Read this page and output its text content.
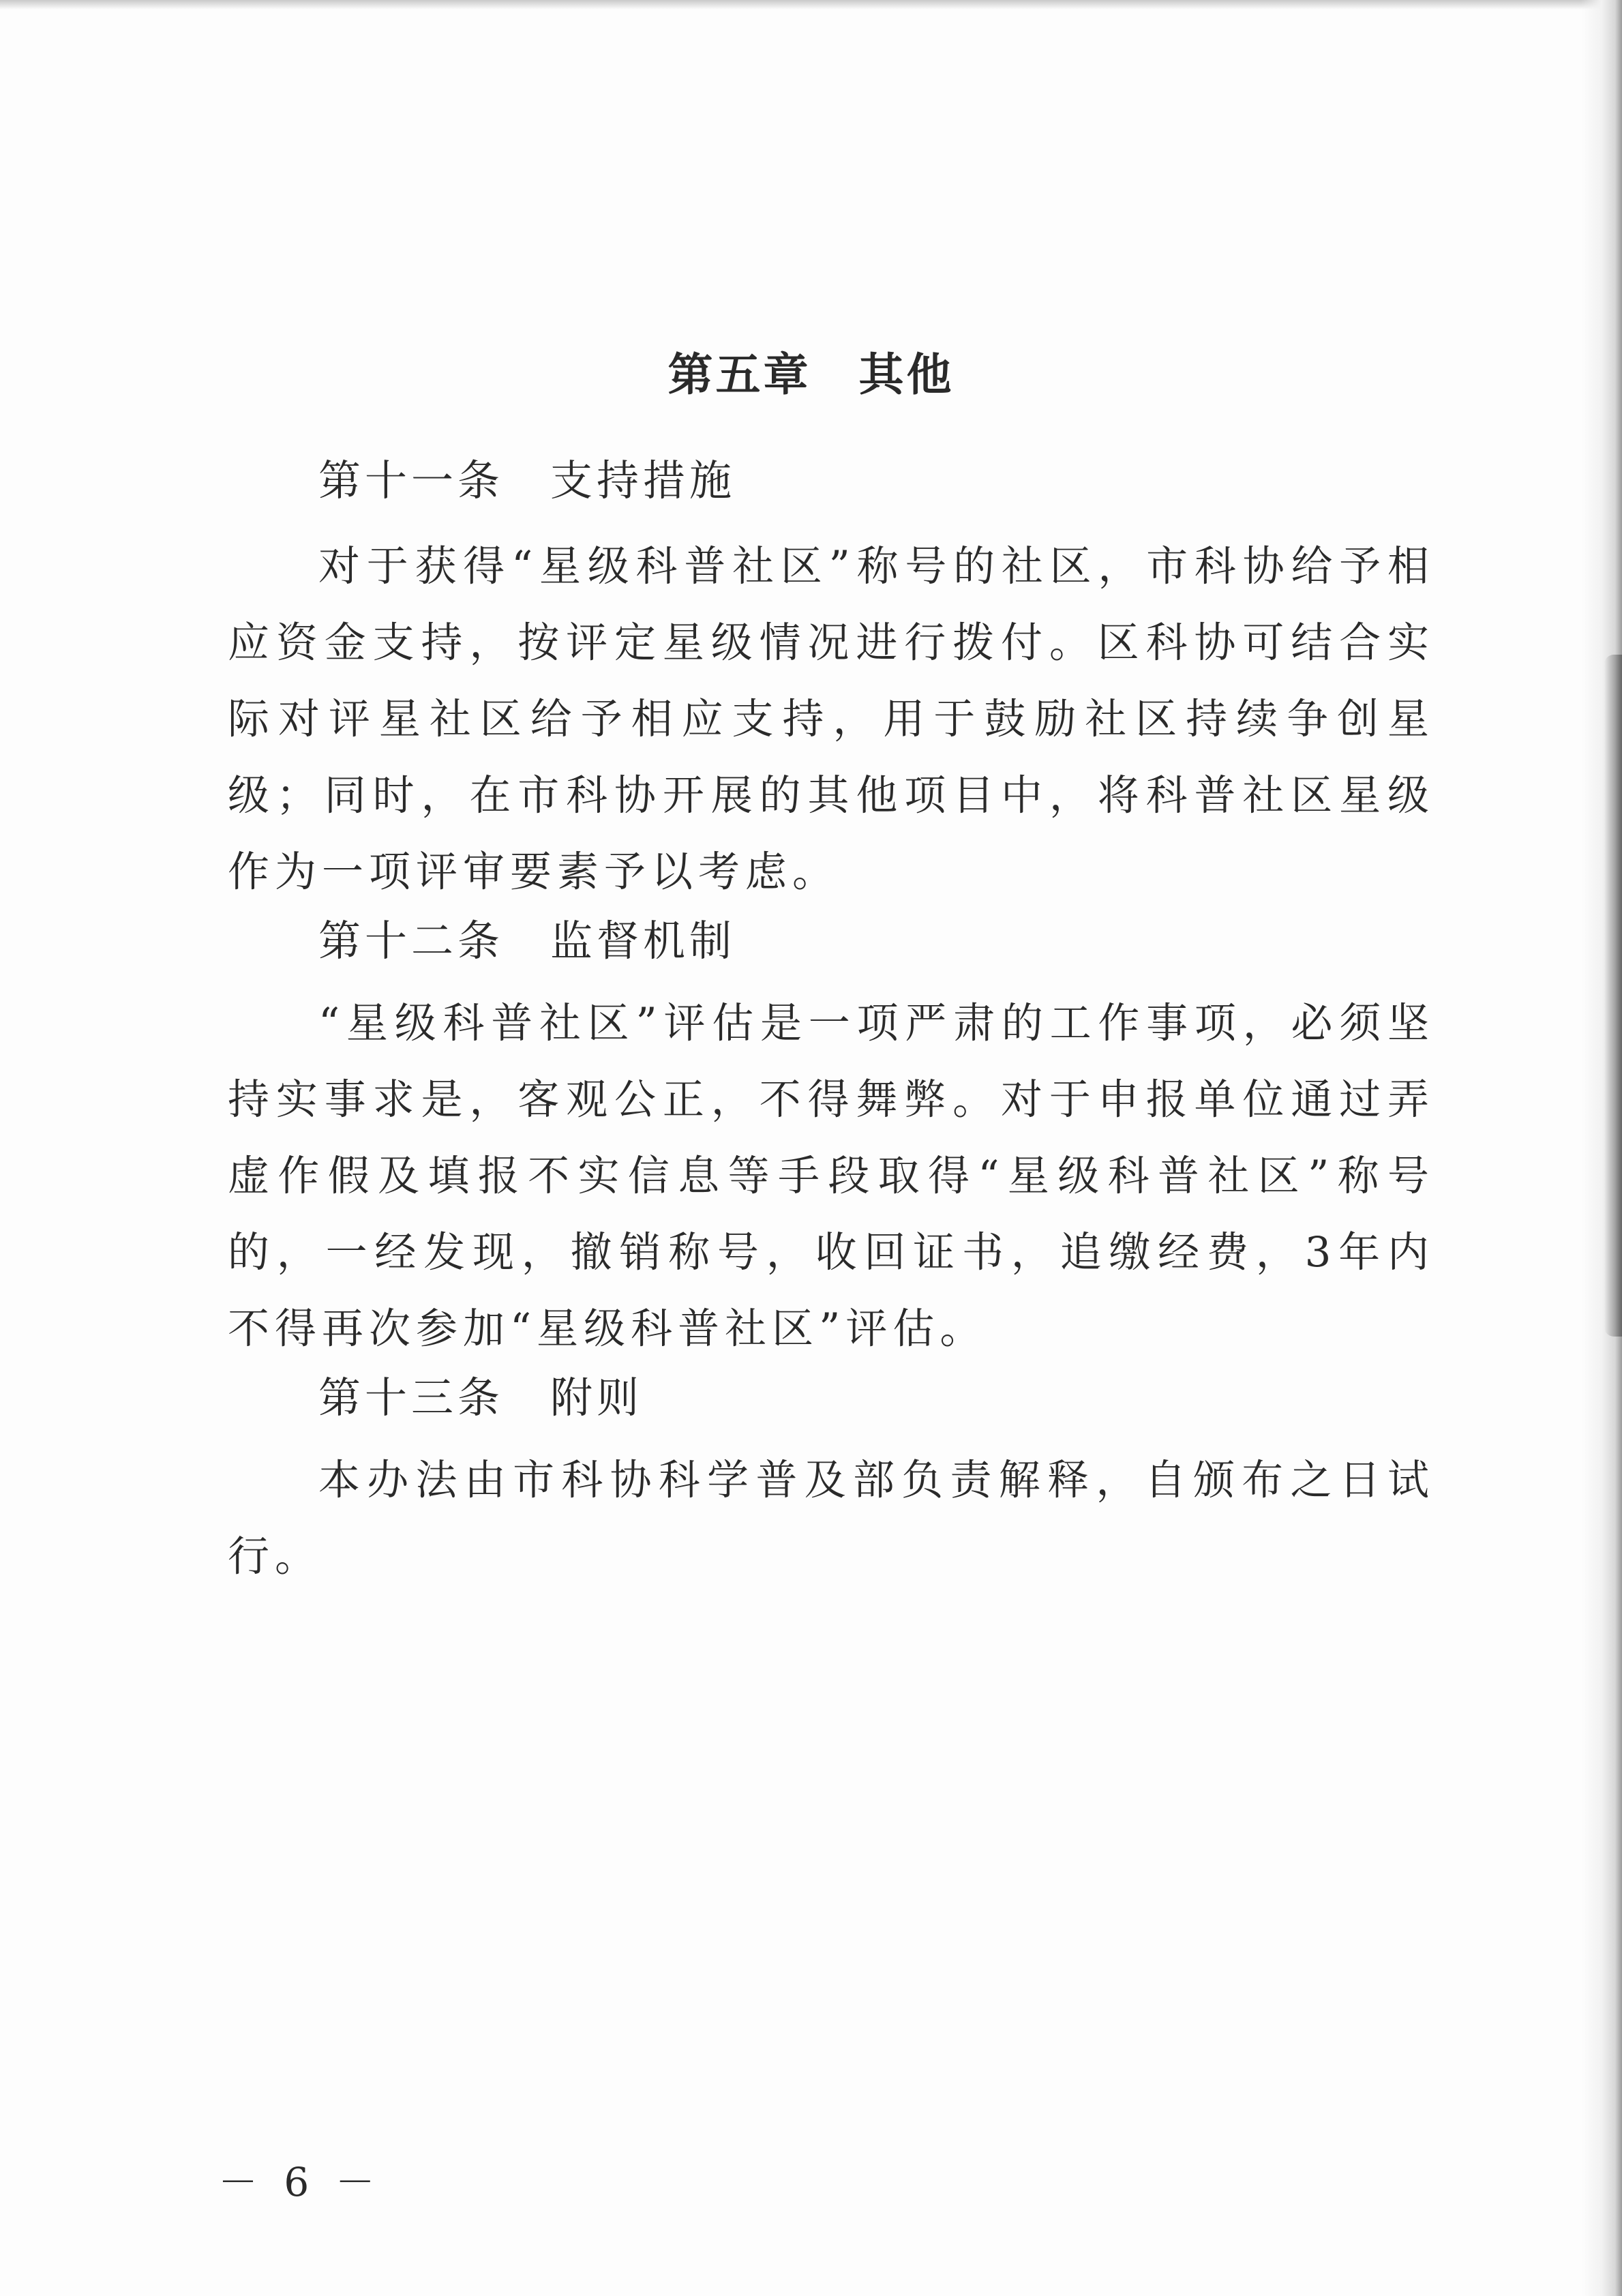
第五章　其他
第十一条　支持措施

对于获得“星级科普社区”称号的社区，市科协给予相应资金支持，按评定星级情况进行拨付。区科协可结合实际对评星社区给予相应支持，用于鼓励社区持续争创星级；同时，在市科协开展的其他项目中，将科普社区星级作为一项评审要素予以考虑。

第十二条　监督机制

“星级科普社区”评估是一项严肃的工作事项，必须坚持实事求是，客观公正，不得舞弊。对于申报单位通过弄虚作假及填报不实信息等手段取得“星级科普社区”称号的，一经发现，撤销称号，收回证书，追缴经费，3年内不得再次参加“星级科普社区”评估。

第十三条　附则

本办法由市科协科学普及部负责解释，自颁布之日试行。

－ 6 －
